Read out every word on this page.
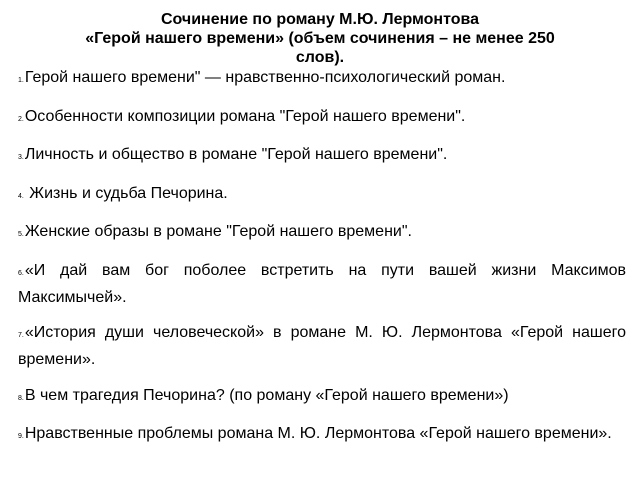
Сочинение по роману М.Ю. Лермонтова
«Герой нашего времени» (объем сочинения – не менее 250 слов).
1.Герой нашего времени" — нравственно-психологический роман.
2.Особенности композиции романа "Герой нашего времени".
3.Личность и общество в романе "Герой нашего времени".
4. Жизнь и судьба Печорина.
5.Женские образы в романе "Герой нашего времени".
6.«И дай вам бог поболее встретить на пути вашей жизни Максимов Максимычей».
7.«История души человеческой» в романе М. Ю. Лермонтова «Герой нашего времени».
8.В чем трагедия Печорина? (по роману «Герой нашего времени»)
9.Нравственные проблемы романа М. Ю. Лермонтова «Герой нашего времени».
